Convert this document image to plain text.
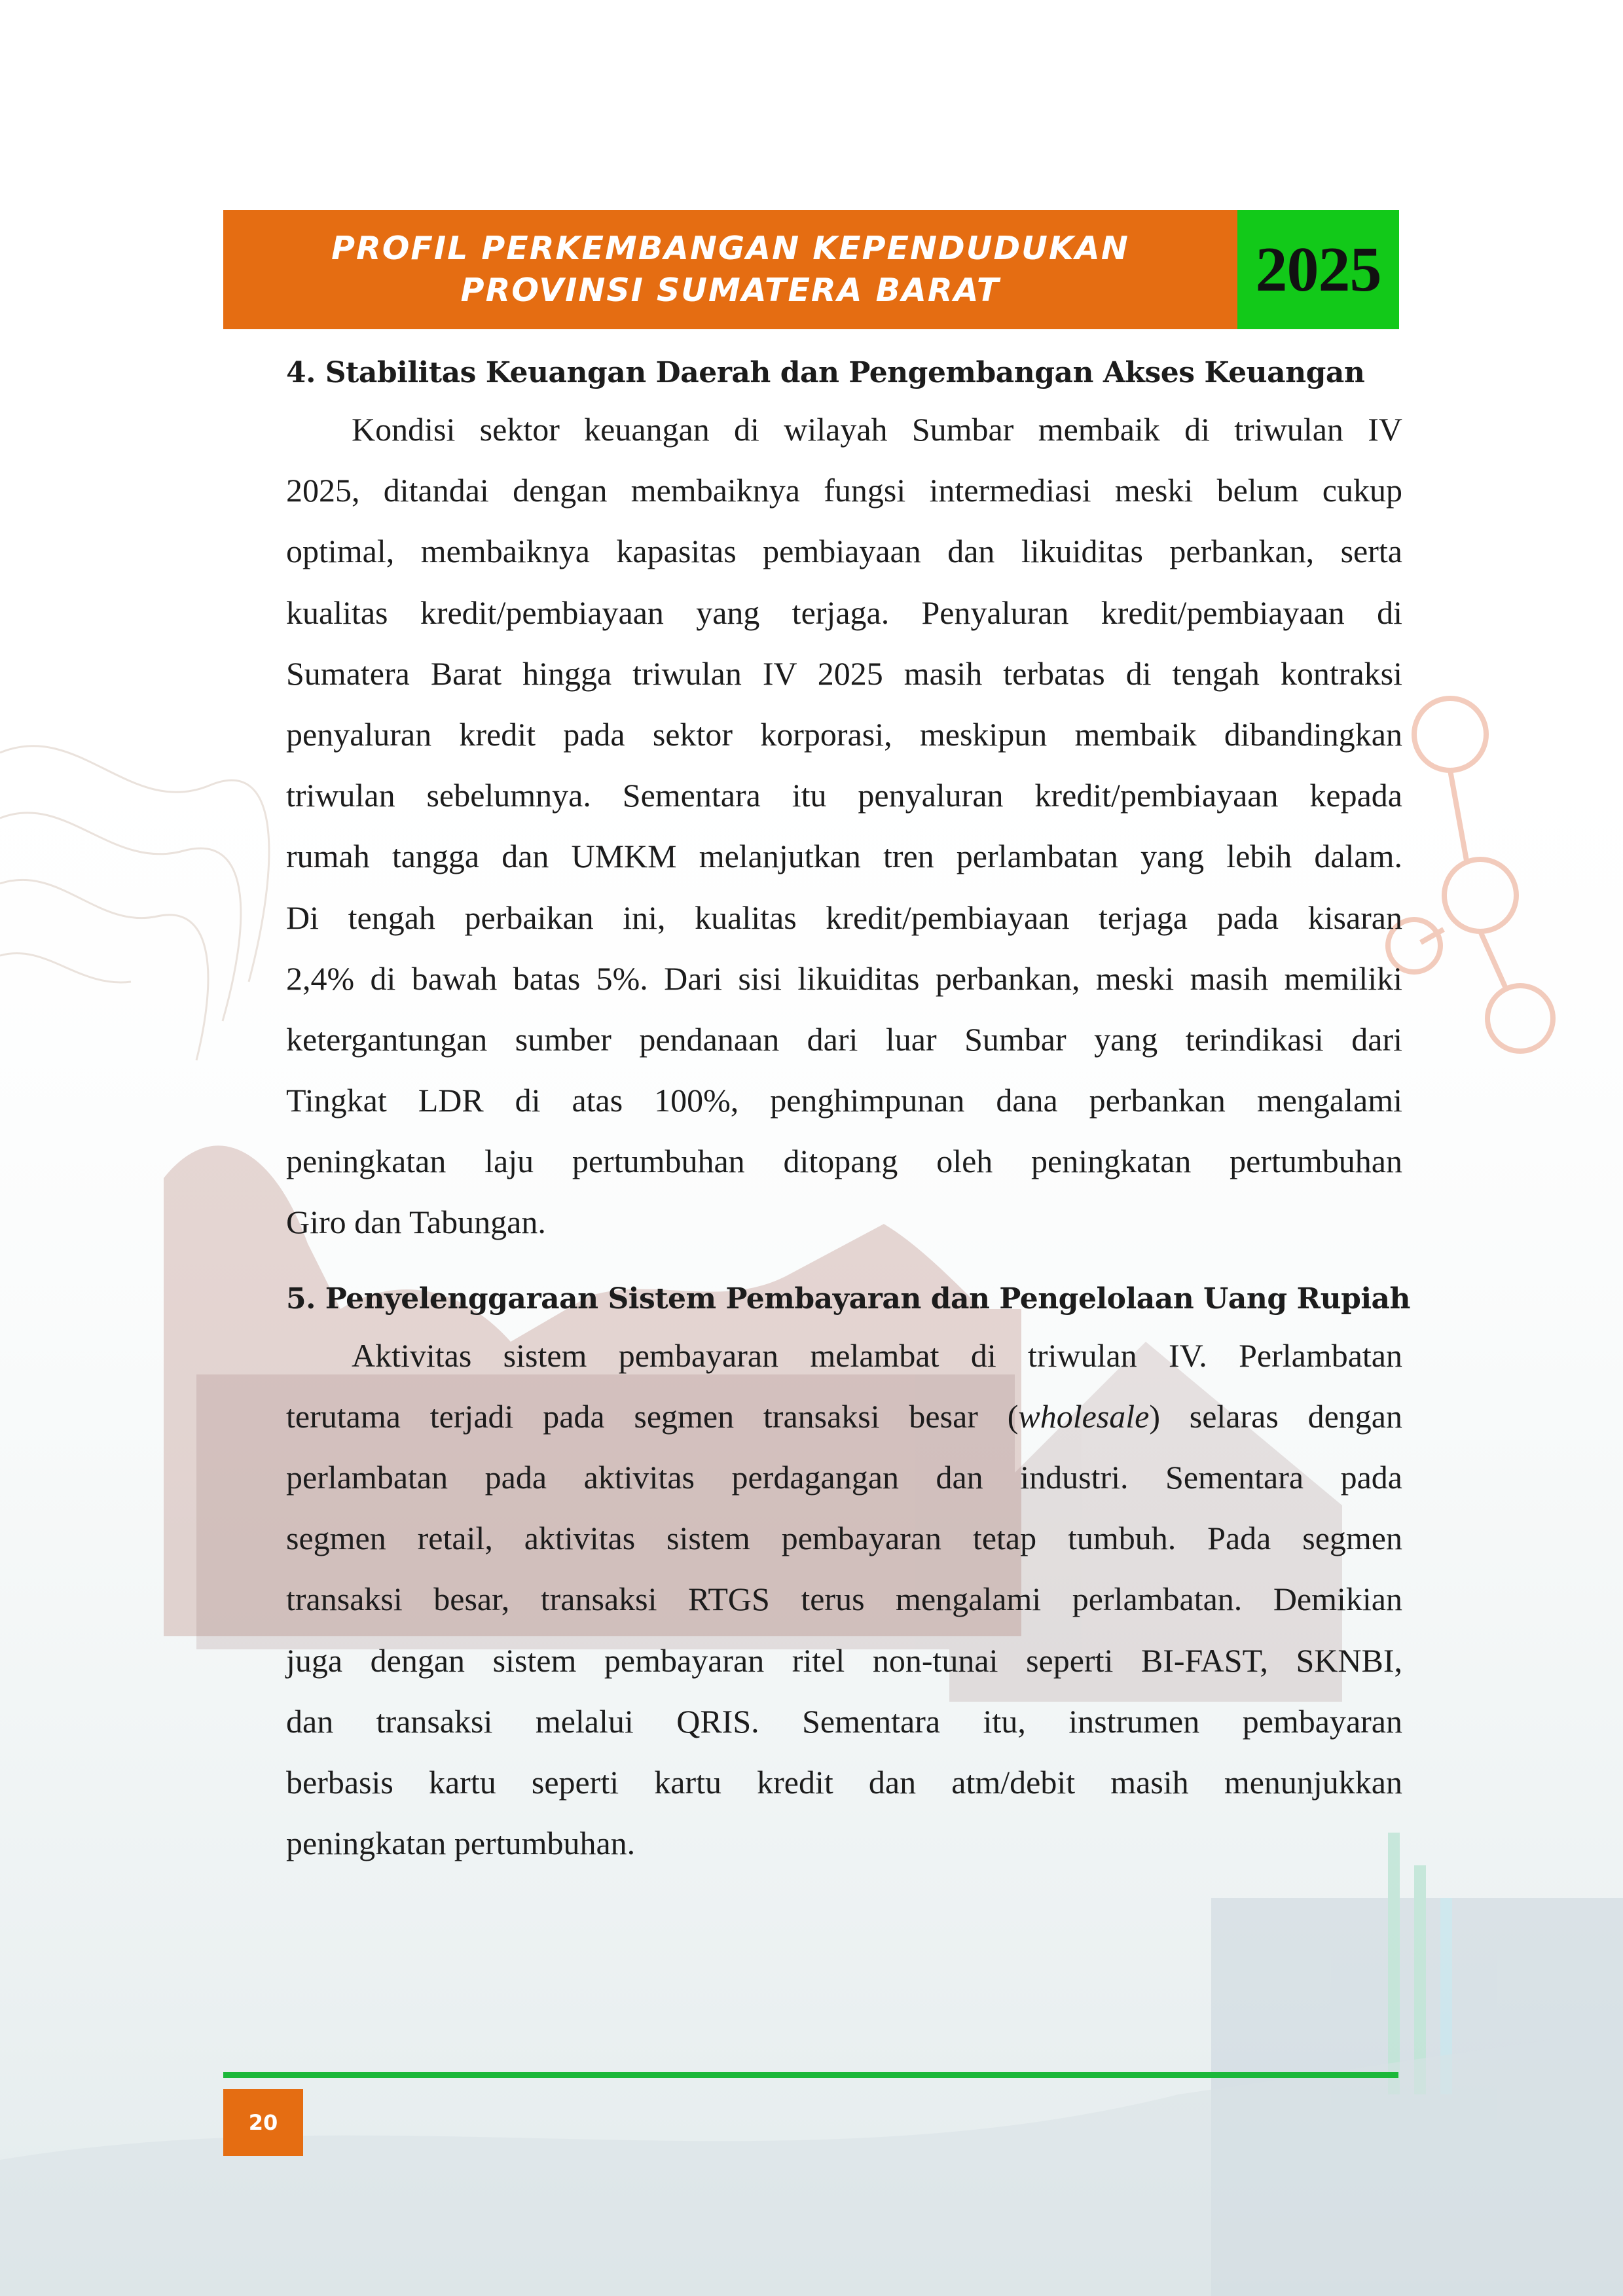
PROFIL PERKEMBANGAN KEPENDUDUKAN
PROVINSI SUMATERA BARAT	2025
4. Stabilitas Keuangan Daerah dan Pengembangan Akses Keuangan
Kondisi sektor keuangan di wilayah Sumbar membaik di triwulan IV
2025, ditandai dengan membaiknya fungsi intermediasi meski belum cukup
optimal, membaiknya kapasitas pembiayaan dan likuiditas perbankan, serta
kualitas kredit/pembiayaan yang terjaga. Penyaluran kredit/pembiayaan di
Sumatera Barat hingga triwulan IV 2025 masih terbatas di tengah kontraksi
penyaluran kredit pada sektor korporasi, meskipun membaik dibandingkan
triwulan sebelumnya. Sementara itu penyaluran kredit/pembiayaan kepada
rumah tangga dan UMKM melanjutkan tren perlambatan yang lebih dalam.
Di tengah perbaikan ini, kualitas kredit/pembiayaan terjaga pada kisaran
2,4% di bawah batas 5%. Dari sisi likuiditas perbankan, meski masih memiliki
ketergantungan sumber pendanaan dari luar Sumbar yang terindikasi dari
Tingkat LDR di atas 100%, penghimpunan dana perbankan mengalami
peningkatan laju pertumbuhan ditopang oleh peningkatan pertumbuhan
Giro dan Tabungan.
5. Penyelenggaraan Sistem Pembayaran dan Pengelolaan Uang Rupiah
Aktivitas sistem pembayaran melambat di triwulan IV. Perlambatan
terutama terjadi pada segmen transaksi besar (wholesale) selaras dengan
perlambatan pada aktivitas perdagangan dan industri. Sementara pada
segmen retail, aktivitas sistem pembayaran tetap tumbuh. Pada segmen
transaksi besar, transaksi RTGS terus mengalami perlambatan. Demikian
juga dengan sistem pembayaran ritel non-tunai seperti BI-FAST, SKNBI,
dan transaksi melalui QRIS. Sementara itu, instrumen pembayaran
berbasis kartu seperti kartu kredit dan atm/debit masih menunjukkan
peningkatan pertumbuhan.
20
